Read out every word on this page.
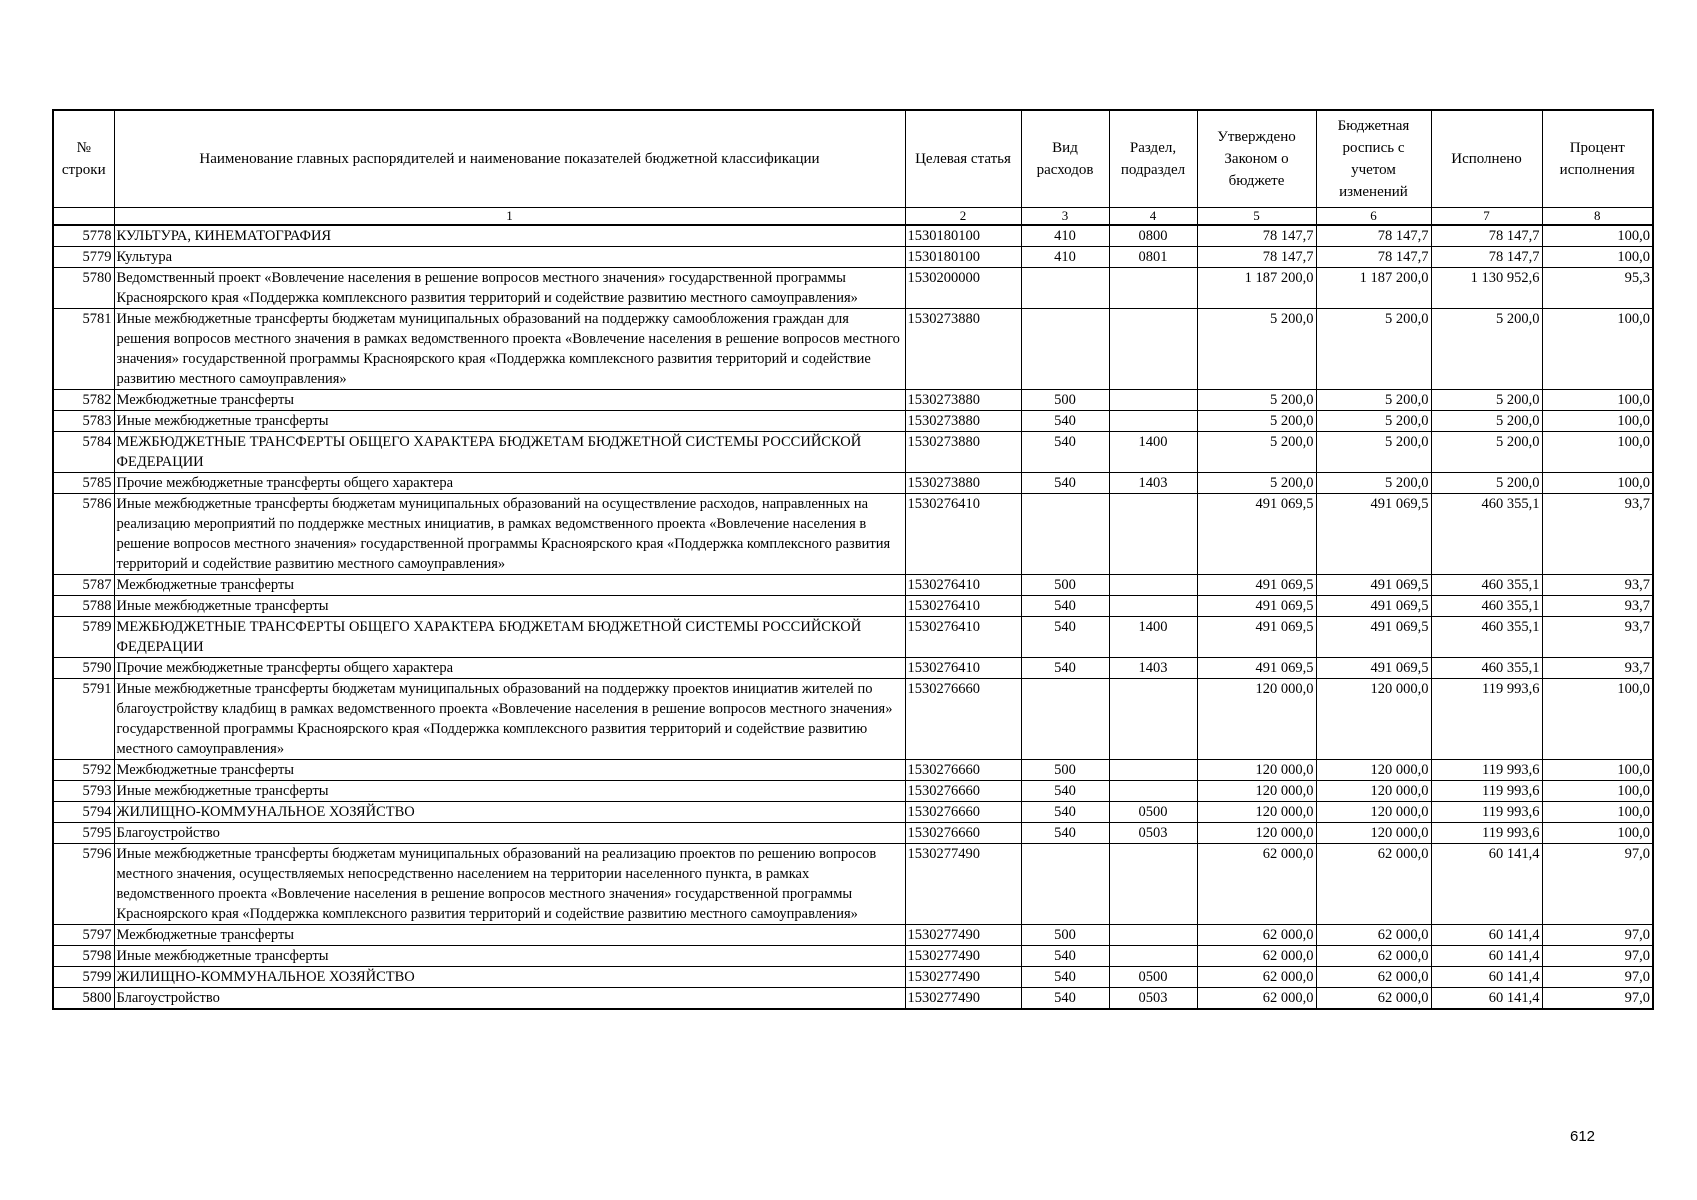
№ строки	Наименование главных распорядителей и наименование показателей бюджетной классификации	Целевая статья	Вид расходов	Раздел, подраздел	Утверждено Законом о бюджете	Бюджетная роспись с учетом изменений	Исполнено	Процент исполнения
	1	2	3	4	5	6	7	8
5778	КУЛЬТУРА, КИНЕМАТОГРАФИЯ	1530180100	410	0800	78 147,7	78 147,7	78 147,7	100,0
5779	Культура	1530180100	410	0801	78 147,7	78 147,7	78 147,7	100,0
5780	Ведомственный проект «Вовлечение населения в решение вопросов местного значения» государственной программы Красноярского края «Поддержка комплексного развития территорий и содействие развитию местного самоуправления»	1530200000			1 187 200,0	1 187 200,0	1 130 952,6	95,3
5781	Иные межбюджетные трансферты бюджетам муниципальных образований на поддержку самообложения граждан для решения вопросов местного значения в рамках ведомственного проекта «Вовлечение населения в решение вопросов местного значения» государственной программы Красноярского края «Поддержка комплексного развития территорий и содействие развитию местного самоуправления»	1530273880			5 200,0	5 200,0	5 200,0	100,0
5782	Межбюджетные трансферты	1530273880	500		5 200,0	5 200,0	5 200,0	100,0
5783	Иные межбюджетные трансферты	1530273880	540		5 200,0	5 200,0	5 200,0	100,0
5784	МЕЖБЮДЖЕТНЫЕ ТРАНСФЕРТЫ ОБЩЕГО ХАРАКТЕРА БЮДЖЕТАМ БЮДЖЕТНОЙ СИСТЕМЫ РОССИЙСКОЙ ФЕДЕРАЦИИ	1530273880	540	1400	5 200,0	5 200,0	5 200,0	100,0
5785	Прочие межбюджетные трансферты общего характера	1530273880	540	1403	5 200,0	5 200,0	5 200,0	100,0
5786	Иные межбюджетные трансферты бюджетам муниципальных образований на осуществление расходов, направленных на реализацию мероприятий по поддержке местных инициатив, в рамках ведомственного проекта «Вовлечение населения в решение вопросов местного значения» государственной программы Красноярского края «Поддержка комплексного развития территорий и содействие развитию местного самоуправления»	1530276410			491 069,5	491 069,5	460 355,1	93,7
5787	Межбюджетные трансферты	1530276410	500		491 069,5	491 069,5	460 355,1	93,7
5788	Иные межбюджетные трансферты	1530276410	540		491 069,5	491 069,5	460 355,1	93,7
5789	МЕЖБЮДЖЕТНЫЕ ТРАНСФЕРТЫ ОБЩЕГО ХАРАКТЕРА БЮДЖЕТАМ БЮДЖЕТНОЙ СИСТЕМЫ РОССИЙСКОЙ ФЕДЕРАЦИИ	1530276410	540	1400	491 069,5	491 069,5	460 355,1	93,7
5790	Прочие межбюджетные трансферты общего характера	1530276410	540	1403	491 069,5	491 069,5	460 355,1	93,7
5791	Иные межбюджетные трансферты бюджетам муниципальных образований на поддержку проектов инициатив жителей по благоустройству кладбищ в рамках ведомственного проекта «Вовлечение населения в решение вопросов местного значения» государственной программы Красноярского края «Поддержка комплексного развития территорий и содействие развитию местного самоуправления»	1530276660			120 000,0	120 000,0	119 993,6	100,0
5792	Межбюджетные трансферты	1530276660	500		120 000,0	120 000,0	119 993,6	100,0
5793	Иные межбюджетные трансферты	1530276660	540		120 000,0	120 000,0	119 993,6	100,0
5794	ЖИЛИЩНО-КОММУНАЛЬНОЕ ХОЗЯЙСТВО	1530276660	540	0500	120 000,0	120 000,0	119 993,6	100,0
5795	Благоустройство	1530276660	540	0503	120 000,0	120 000,0	119 993,6	100,0
5796	Иные межбюджетные трансферты бюджетам муниципальных образований на реализацию проектов по решению вопросов местного значения, осуществляемых непосредственно населением на территории населенного пункта, в рамках ведомственного проекта «Вовлечение населения в решение вопросов местного значения» государственной программы Красноярского края «Поддержка комплексного развития территорий и содействие развитию местного самоуправления»	1530277490			62 000,0	62 000,0	60 141,4	97,0
5797	Межбюджетные трансферты	1530277490	500		62 000,0	62 000,0	60 141,4	97,0
5798	Иные межбюджетные трансферты	1530277490	540		62 000,0	62 000,0	60 141,4	97,0
5799	ЖИЛИЩНО-КОММУНАЛЬНОЕ ХОЗЯЙСТВО	1530277490	540	0500	62 000,0	62 000,0	60 141,4	97,0
5800	Благоустройство	1530277490	540	0503	62 000,0	62 000,0	60 141,4	97,0
612
